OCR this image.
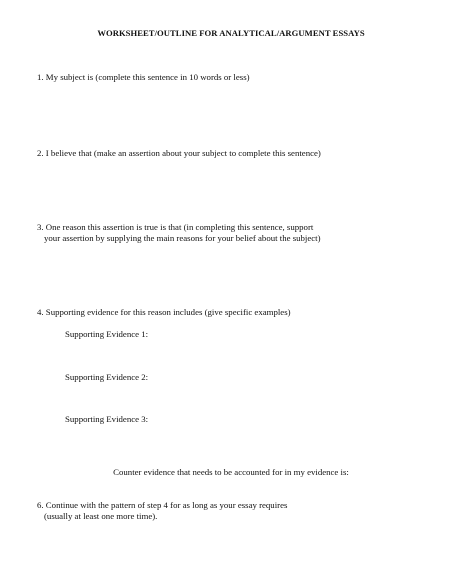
WORKSHEET/OUTLINE FOR ANALYTICAL/ARGUMENT ESSAYS
1. My subject is (complete this sentence in 10 words or less)
2. I believe that (make an assertion about your subject to complete this sentence)
3. One reason this assertion is true is that (in completing this sentence, support
your assertion by supplying the main reasons for your belief about the subject)
4. Supporting evidence for this reason includes (give specific examples)
Supporting Evidence 1:
Supporting Evidence 2:
Supporting Evidence 3:
Counter evidence that needs to be accounted for in my evidence is:
6. Continue with the pattern of step 4 for as long as your essay requires
(usually at least one more time).
